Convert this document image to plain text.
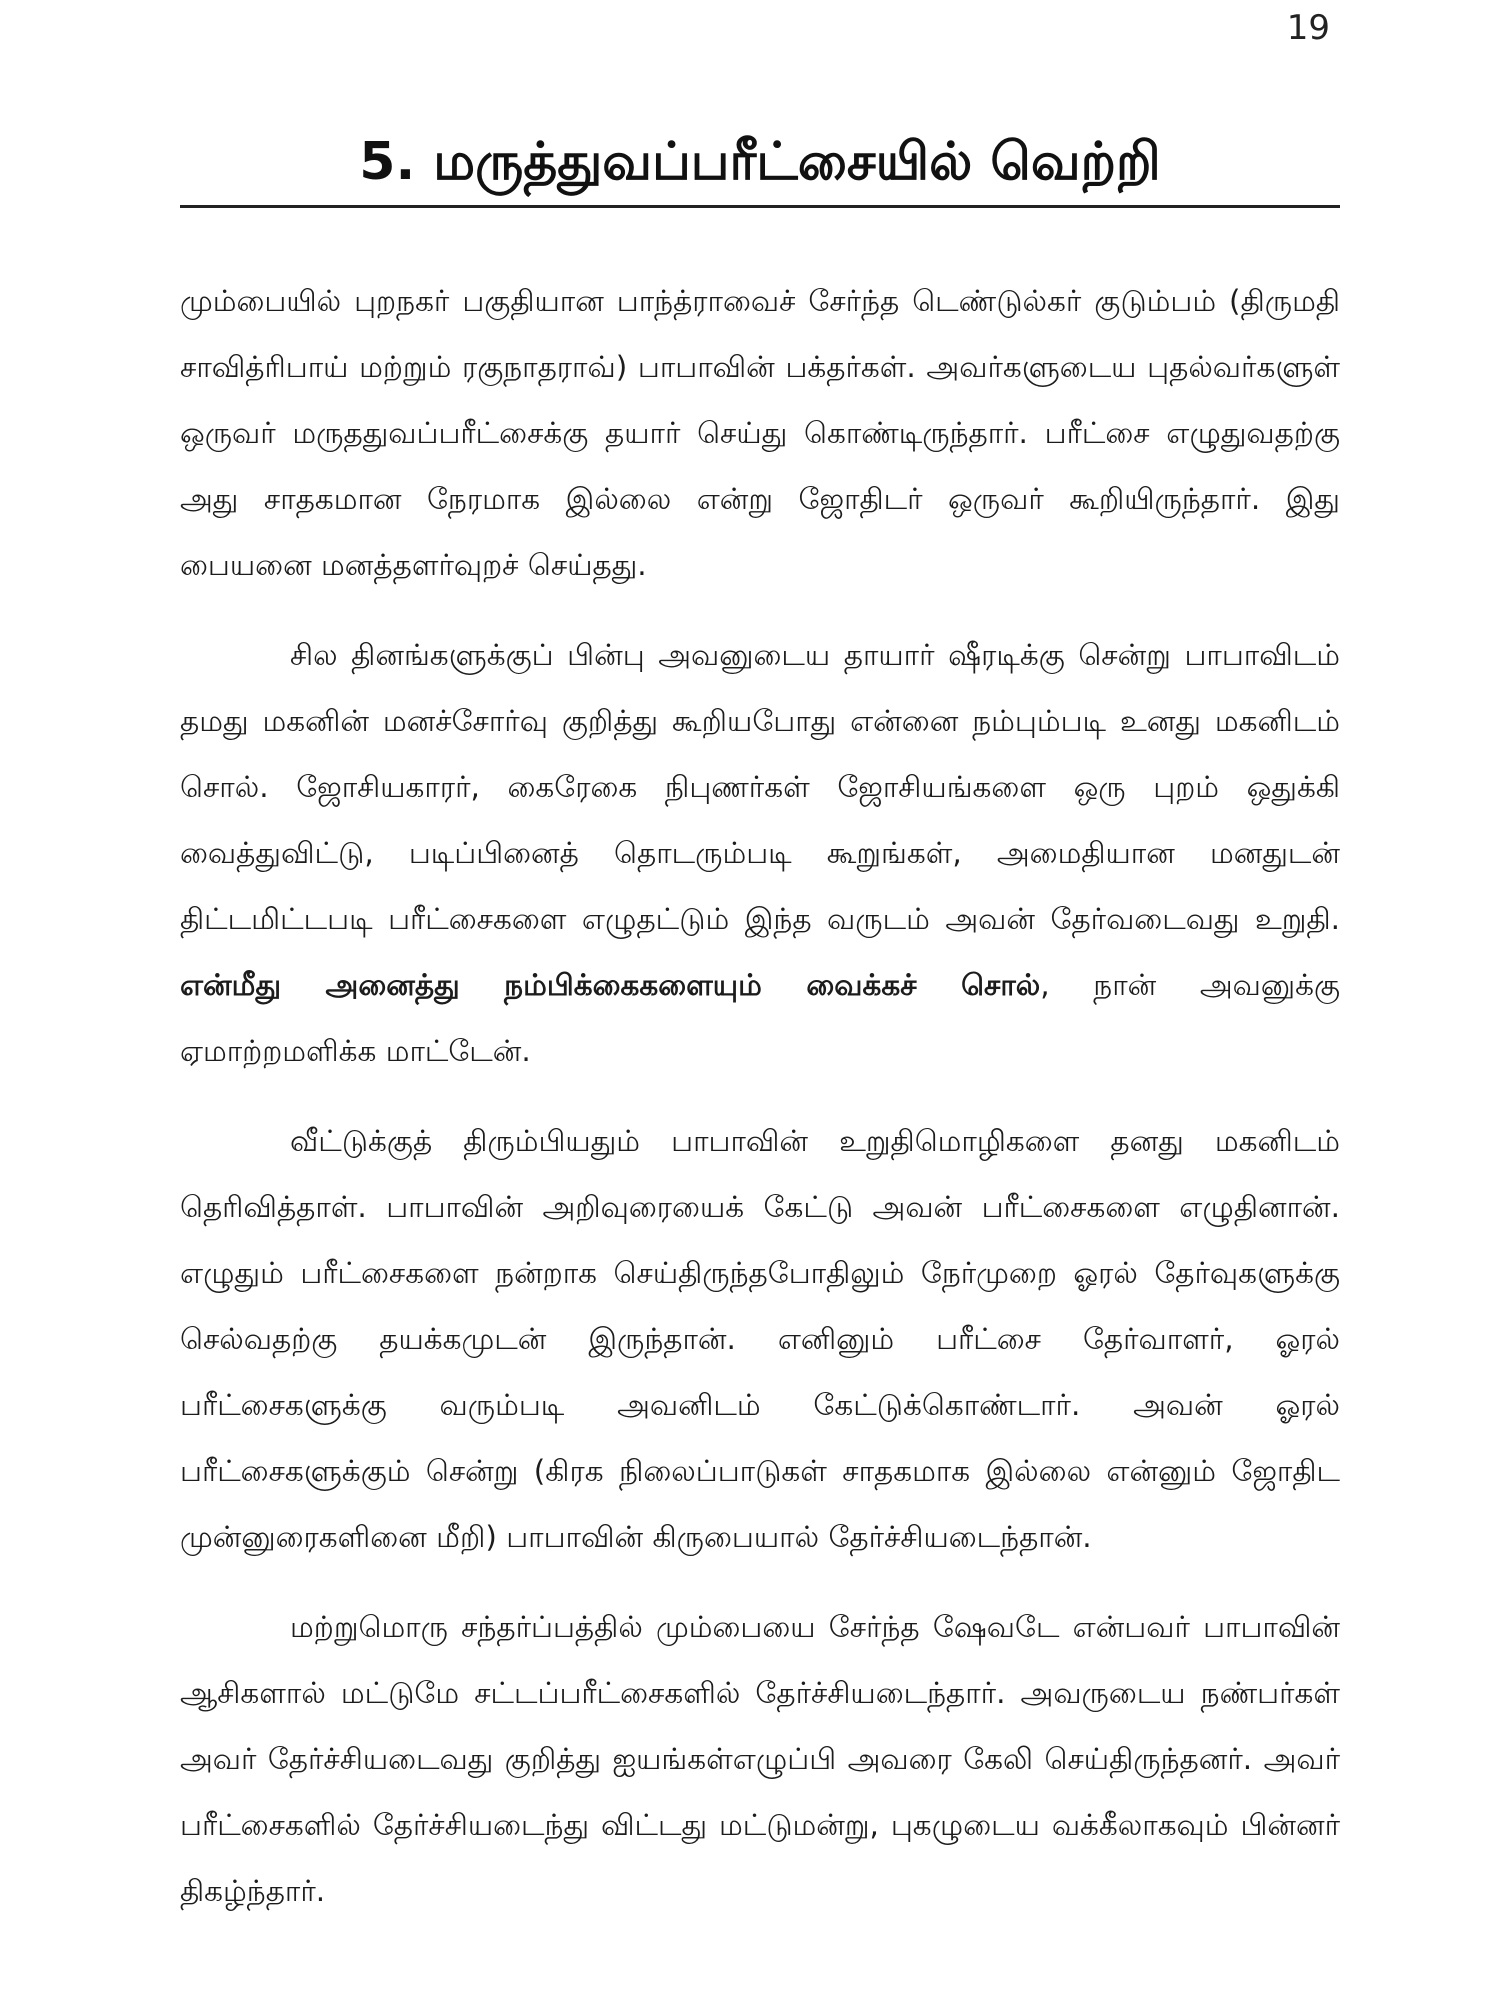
19
5. மருத்துவப்பரீட்சையில் வெற்றி

மும்பையில் புறநகர் பகுதியான பாந்த்ராவைச் சேர்ந்த டெண்டுல்கர் குடும்பம் (திருமதி சாவித்ரிபாய் மற்றும் ரகுநாதராவ்) பாபாவின் பக்தர்கள். அவர்களுடைய புதல்வர்களுள் ஒருவர் மருததுவப்பரீட்சைக்கு தயார் செய்து கொண்டிருந்தார். பரீட்சை எழுதுவதற்கு அது சாதகமான நேரமாக இல்லை என்று ஜோதிடர் ஒருவர் கூறியிருந்தார். இது பையனை மனத்தளர்வுறச் செய்தது.

சில தினங்களுக்குப் பின்பு அவனுடைய தாயார் ஷீரடிக்கு சென்று பாபாவிடம் தமது மகனின் மனச்சோர்வு குறித்து கூறியபோது என்னை நம்பும்படி உனது மகனிடம் சொல். ஜோசியகாரர், கைரேகை நிபுணர்கள் ஜோசியங்களை ஒரு புறம் ஒதுக்கி வைத்துவிட்டு, படிப்பினைத் தொடரும்படி கூறுங்கள், அமைதியான மனதுடன் திட்டமிட்டபடி பரீட்சைகளை எழுதட்டும் இந்த வருடம் அவன் தேர்வடைவது உறுதி. என்மீது அனைத்து நம்பிக்கைகளையும் வைக்கச் சொல், நான் அவனுக்கு ஏமாற்றமளிக்க மாட்டேன்.

வீட்டுக்குத் திரும்பியதும் பாபாவின் உறுதிமொழிகளை தனது மகனிடம் தெரிவித்தாள். பாபாவின் அறிவுரையைக் கேட்டு அவன் பரீட்சைகளை எழுதினான். எழுதும் பரீட்சைகளை நன்றாக செய்திருந்தபோதிலும் நேர்முறை ஓரல் தேர்வுகளுக்கு செல்வதற்கு தயக்கமுடன் இருந்தான். எனினும் பரீட்சை தேர்வாளர், ஓரல் பரீட்சைகளுக்கு வரும்படி அவனிடம் கேட்டுக்கொண்டார். அவன் ஓரல் பரீட்சைகளுக்கும் சென்று (கிரக நிலைப்பாடுகள் சாதகமாக இல்லை என்னும் ஜோதிட முன்னுரைகளினை மீறி) பாபாவின் கிருபையால் தேர்ச்சியடைந்தான்.

மற்றுமொரு சந்தர்ப்பத்தில் மும்பையை சேர்ந்த ஷேவடே என்பவர் பாபாவின் ஆசிகளால் மட்டுமே சட்டப்பரீட்சைகளில் தேர்ச்சியடைந்தார். அவருடைய நண்பர்கள் அவர் தேர்ச்சியடைவது குறித்து ஐயங்கள்எழுப்பி அவரை கேலி செய்திருந்தனர். அவர் பரீட்சைகளில் தேர்ச்சியடைந்து விட்டது மட்டுமன்று, புகழுடைய வக்கீலாகவும் பின்னர் திகழ்ந்தார்.
